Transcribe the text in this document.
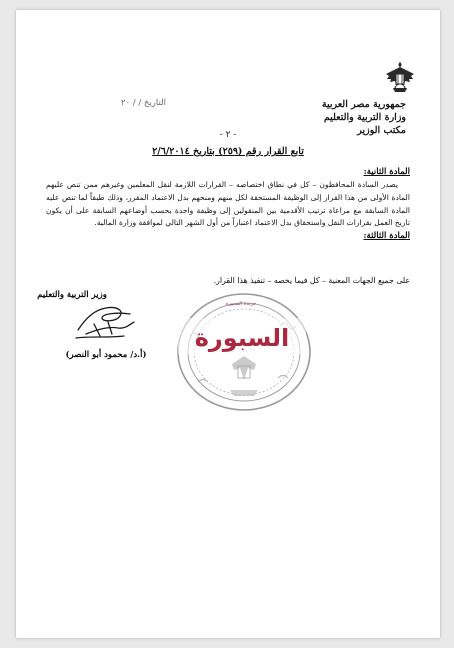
جمهورية مصر العربية
وزارة التربية والتعليم
مكتب الوزير
التاريخ / / ٢٠
- ٢ -
تابع القرار رقم (٢٥٩) بتاريخ ٢/٦/٢٠١٤

المادة الثانية:

يصدر السادة المحافظون – كل في نطاق اختصاصه – القرارات اللازمة لنقل المعلمين وغيرهم ممن تنص عليهم المادة الأولى من هذا القرار إلى الوظيفة المستحقة لكل منهم ومنحهم بدل الاعتماد المقرر، وذلك طبقاً لما تنص عليه المادة السابقة مع مراعاة ترتيب الأقدمية بين المنقولين إلى وظيفة واحدة بحسب أوضاعهم السابقة على أن يكون تاريخ العمل بقرارات النقل واستحقاق بدل الاعتماد اعتباراً من أول الشهر التالي لموافقة وزارة المالية.

المادة الثالثة:

على جميع الجهات المعنية – كل فيما يخصه – تنفيذ هذا القرار.
جريدة السبورة
السبورة
وزير التربية والتعليم
(أ.د/ محمود أبو النصر)
